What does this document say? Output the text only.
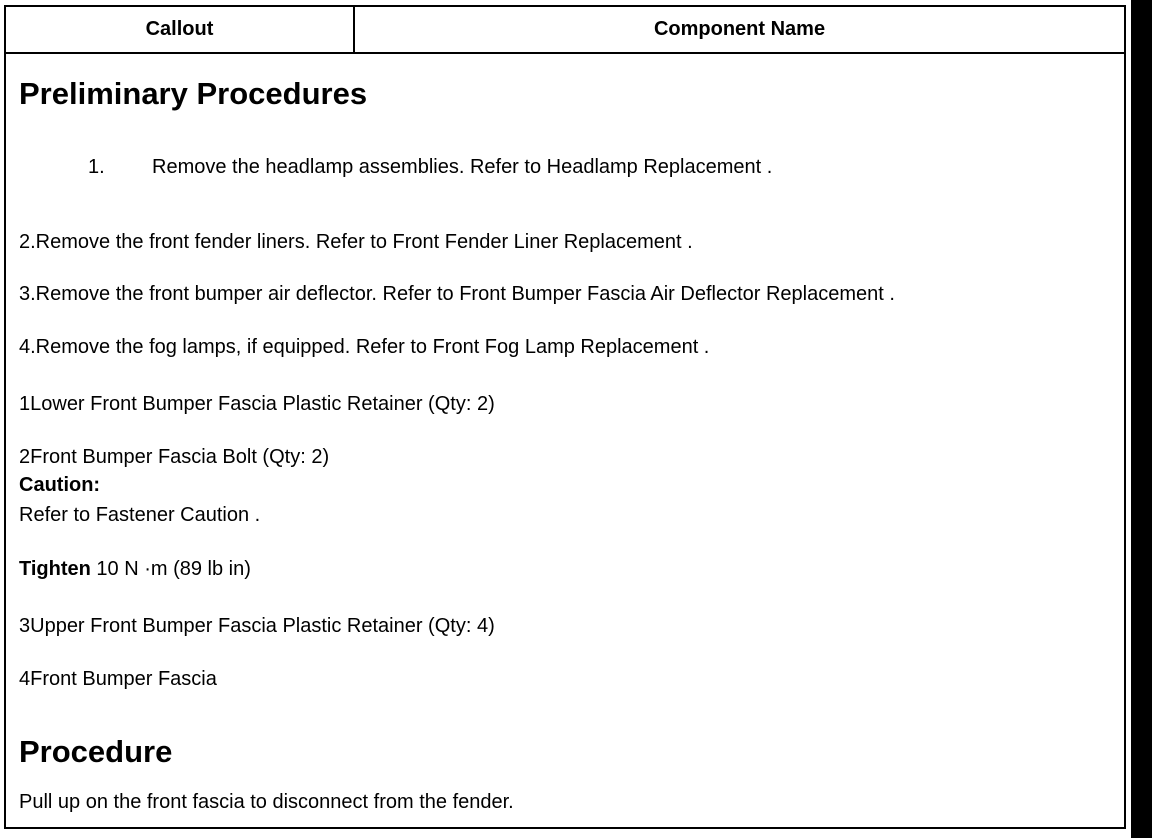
Callout	Component Name
Preliminary Procedures
1. Remove the headlamp assemblies. Refer to Headlamp Replacement .
2.Remove the front fender liners. Refer to Front Fender Liner Replacement .
3.Remove the front bumper air deflector. Refer to Front Bumper Fascia Air Deflector Replacement .
4.Remove the fog lamps, if equipped. Refer to Front Fog Lamp Replacement .
1Lower Front Bumper Fascia Plastic Retainer (Qty: 2)
2Front Bumper Fascia Bolt (Qty: 2)
Caution:
Refer to Fastener Caution .
Tighten 10 N ·m (89 lb in)
3Upper Front Bumper Fascia Plastic Retainer (Qty: 4)
4Front Bumper Fascia
Procedure
Pull up on the front fascia to disconnect from the fender.
